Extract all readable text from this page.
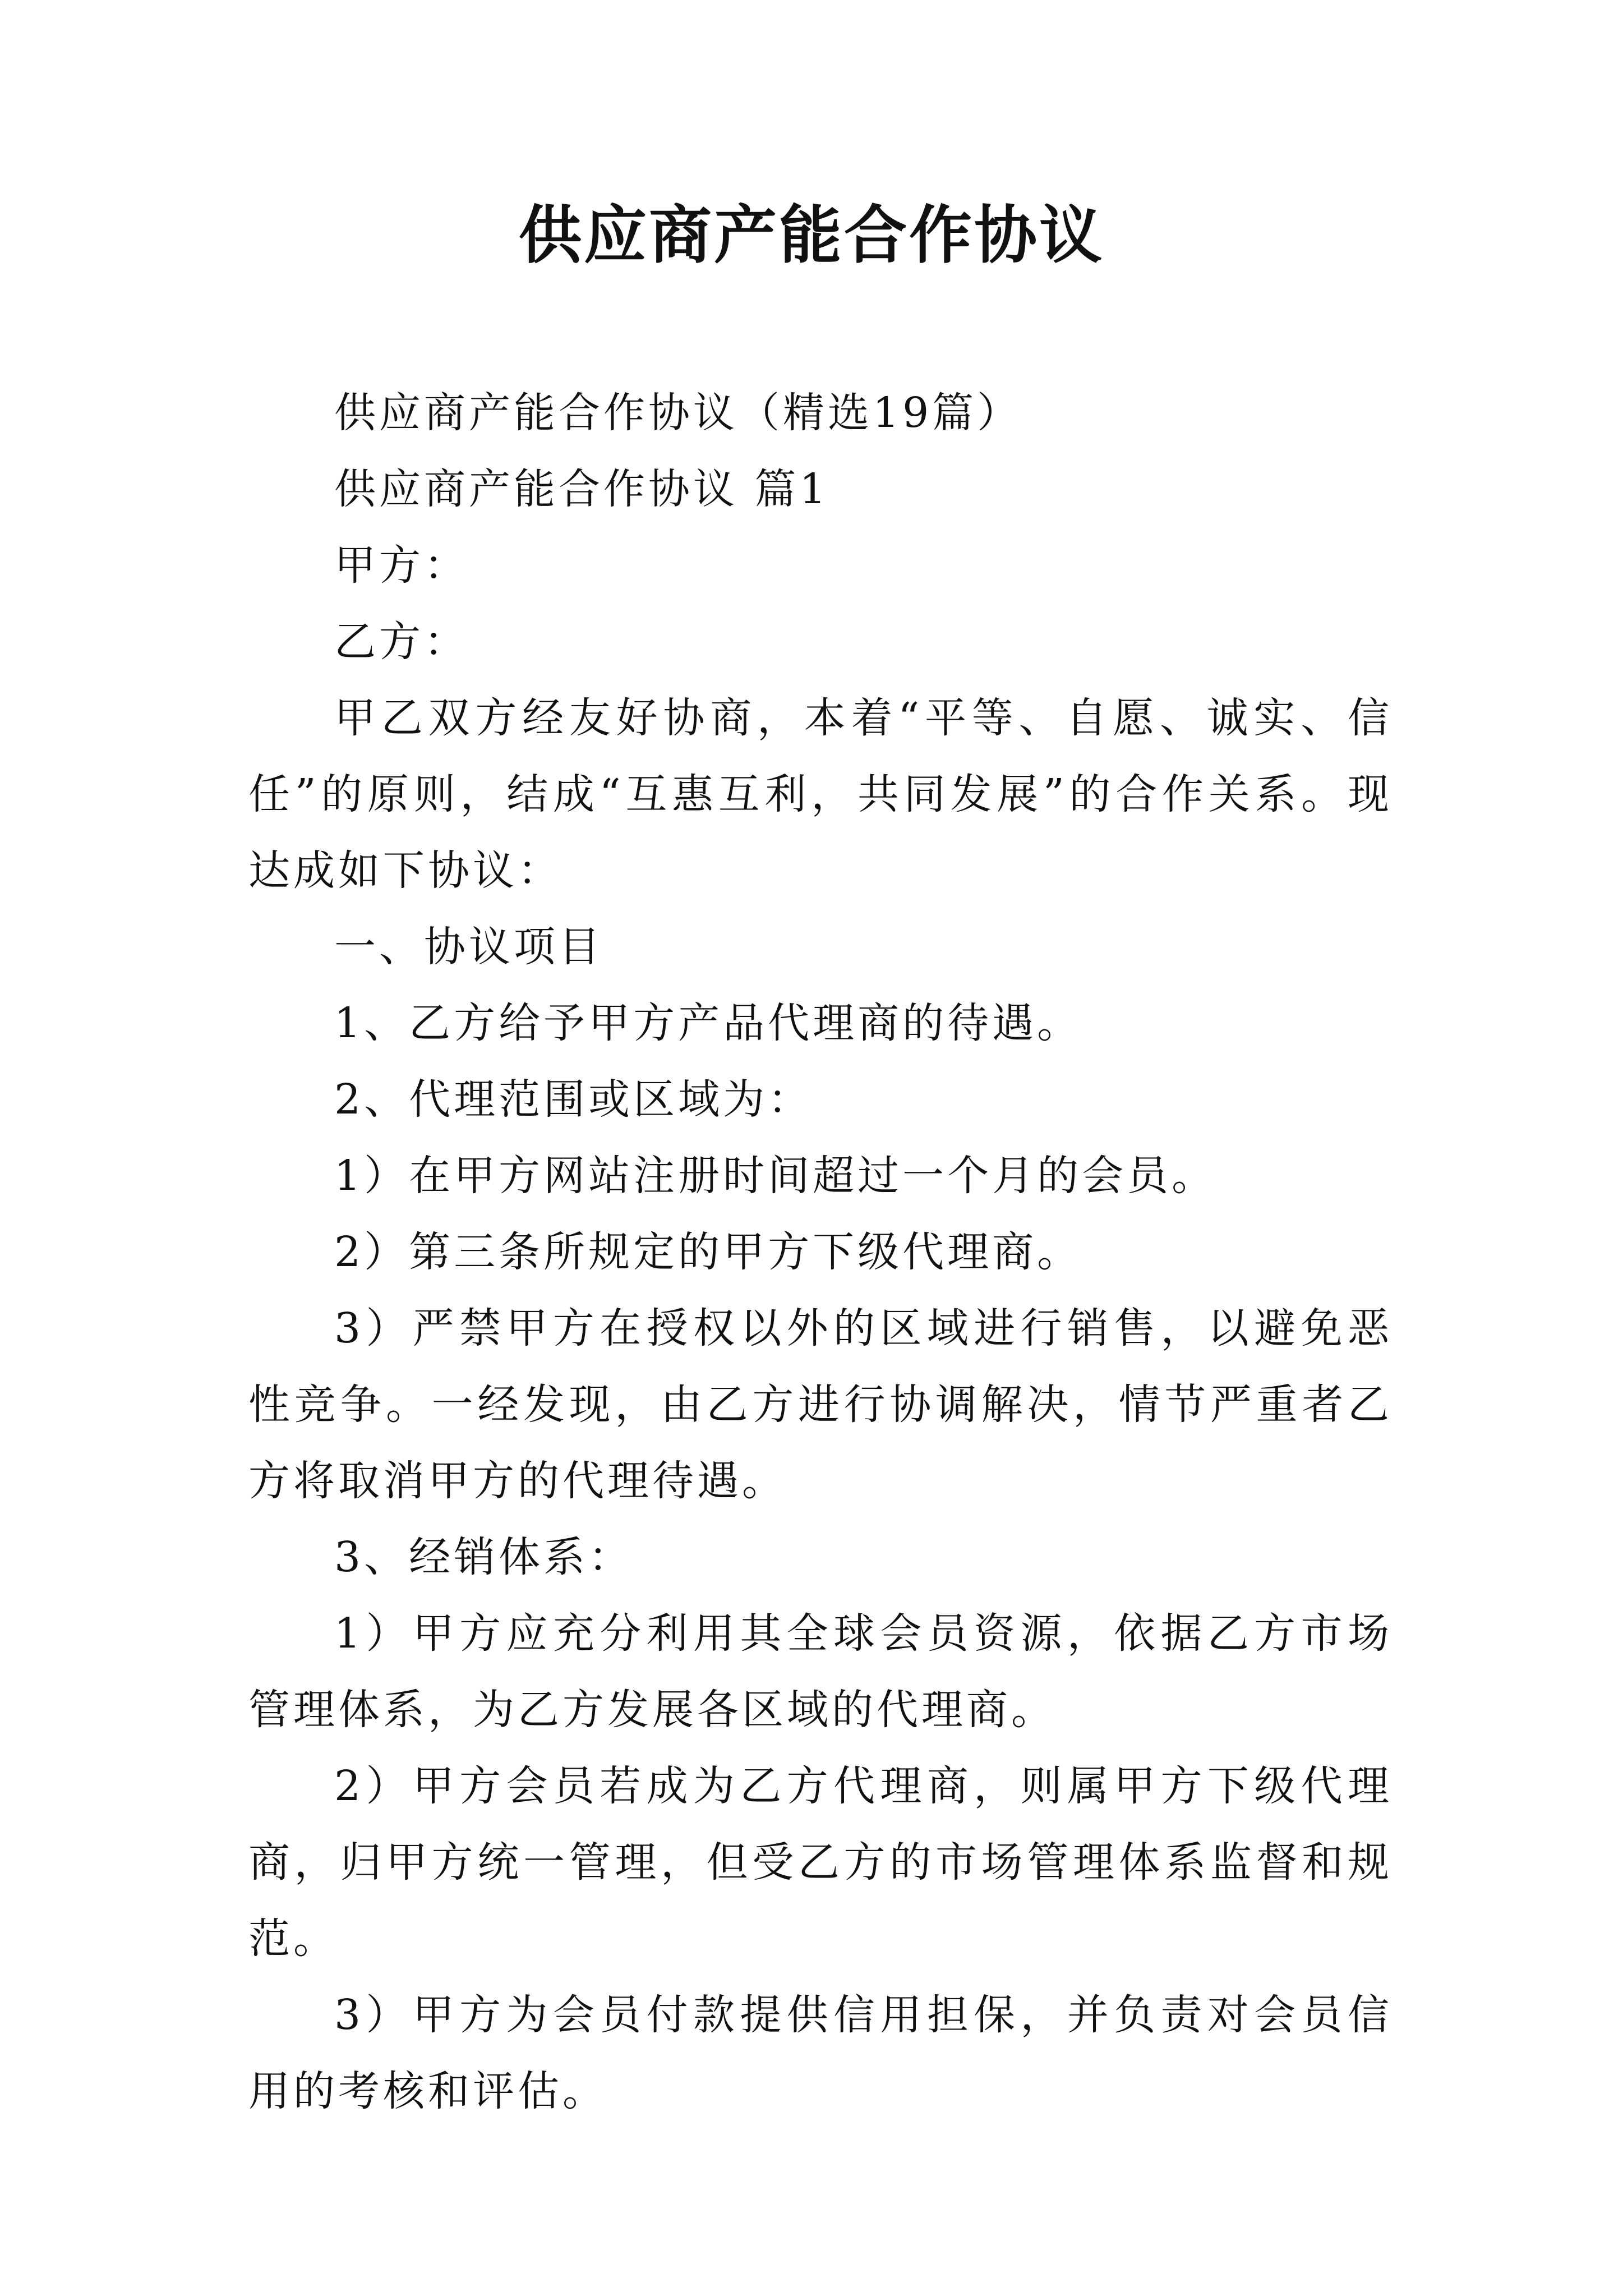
供应商产能合作协议

供应商产能合作协议（精选19篇）

供应商产能合作协议 篇1

甲方：

乙方：

甲乙双方经友好协商，本着“平等、自愿、诚实、信任”的原则，结成“互惠互利，共同发展”的合作关系。现达成如下协议：

一、协议项目

1、乙方给予甲方产品代理商的待遇。

2、代理范围或区域为：

1）在甲方网站注册时间超过一个月的会员。

2）第三条所规定的甲方下级代理商。

3）严禁甲方在授权以外的区域进行销售，以避免恶性竞争。一经发现，由乙方进行协调解决，情节严重者乙方将取消甲方的代理待遇。

3、经销体系：

1）甲方应充分利用其全球会员资源，依据乙方市场管理体系，为乙方发展各区域的代理商。

2）甲方会员若成为乙方代理商，则属甲方下级代理商，归甲方统一管理，但受乙方的市场管理体系监督和规范。

3）甲方为会员付款提供信用担保，并负责对会员信用的考核和评估。
